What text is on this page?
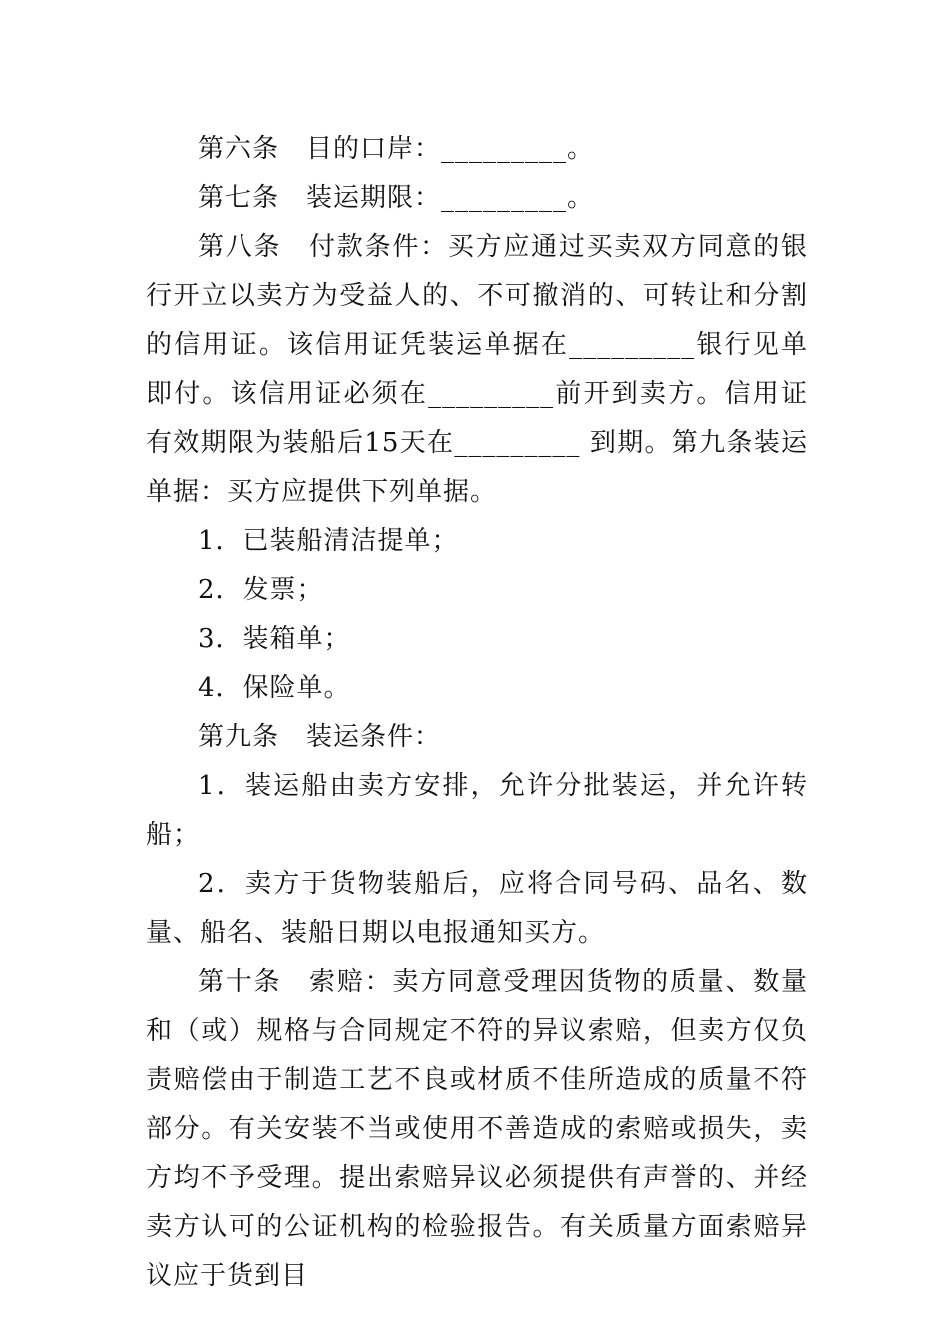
第六条　目的口岸：_________。

第七条　装运期限：_________。

第八条　付款条件：买方应通过买卖双方同意的银行开立以卖方为受益人的、不可撤消的、可转让和分割的信用证。该信用证凭装运单据在_________银行见单即付。该信用证必须在_________前开到卖方。信用证有效期限为装船后15天在_________ 到期。第九条装运单据：买方应提供下列单据。

1．已装船清洁提单；

2．发票；

3．装箱单；

4．保险单。

第九条　装运条件：

1．装运船由卖方安排，允许分批装运，并允许转船；

2．卖方于货物装船后，应将合同号码、品名、数量、船名、装船日期以电报通知买方。

第十条　索赔：卖方同意受理因货物的质量、数量和（或）规格与合同规定不符的异议索赔，但卖方仅负责赔偿由于制造工艺不良或材质不佳所造成的质量不符部分。有关安装不当或使用不善造成的索赔或损失，卖方均不予受理。提出索赔异议必须提供有声誉的、并经卖方认可的公证机构的检验报告。有关质量方面索赔异议应于货到目
